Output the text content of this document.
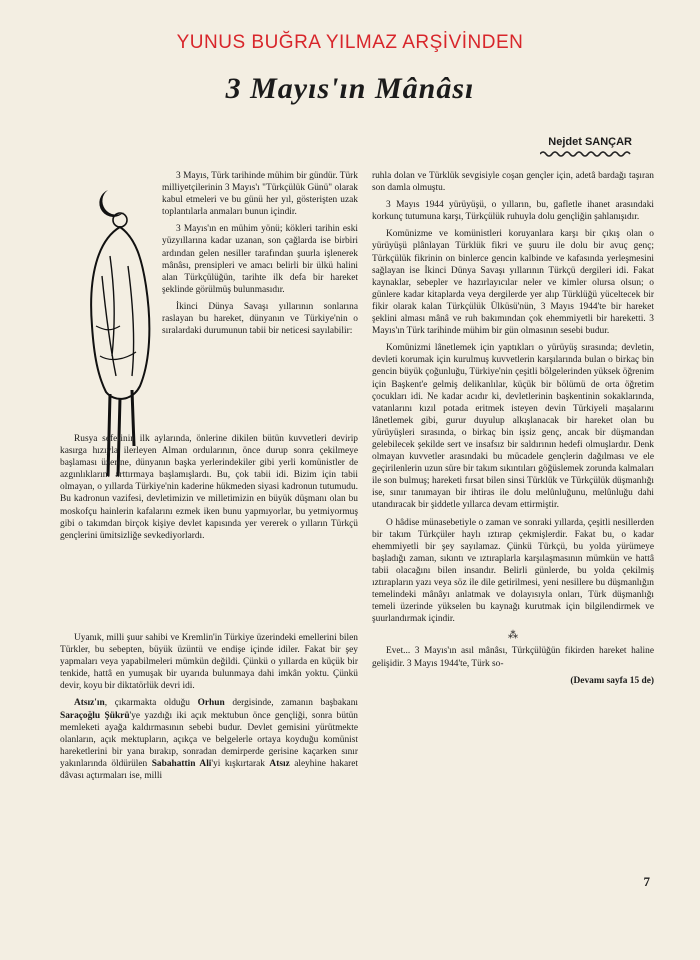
YUNUS BUĞRA YILMAZ ARŞİVİNDEN
3 Mayıs'ın Mânâsı
Nejdet SANÇAR

3 Mayıs, Türk tarihinde mühim bir gündür. Türk milliyetçilerinin 3 Mayıs'ı "Türkçülük Günü" olarak kabul etmeleri ve bu günü her yıl, gösterişten uzak toplantılarla anmaları bunun içindir.

3 Mayıs'ın en mühim yönü; kökleri tarihin eski yüzyıllarına kadar uzanan, son çağlarda ise birbiri ardından gelen nesiller tarafından şuurla işlenerek mânâsı, prensipleri ve amacı belirli bir ülkü halini alan Türkçülüğün, tarihte ilk defa bir hareket şeklinde görülmüş bulunmasıdır.

İkinci Dünya Savaşı yıllarının sonlarına raslayan bu hareket, dünyanın ve Türkiye'nin o sıralardaki durumunun tabii bir neticesi sayılabilir:

Rusya seferinin ilk aylarında, önlerine dikilen bütün kuvvetleri devirip kasırga hızıyla ilerleyen Alman ordularının, önce durup sonra çekilmeye başlaması üzerine, dünyanın başka yerlerindekiler gibi yerli komünistler de azgınlıklarını arttırmaya başlamışlardı. Bu, çok tabii idi. Bizim için tabii olmayan, o yıllarda Türkiye'nin kaderine hükmeden siyasi kadronun tutumudu. Bu kadronun vazifesi, devletimizin ve milletimizin en büyük düşmanı olan bu moskofçu hainlerin kafalarını ezmek iken bunu yapmıyorlar, bu yetmiyormuş gibi o takımdan birçok kişiye devlet kapısında yer vererek o yılların Türkçü gençlerini ümitsizliğe sevkediyorlardı.

Uyanık, milli şuur sahibi ve Kremlin'in Türkiye üzerindeki emellerini bilen Türkler, bu sebepten, büyük üzüntü ve endişe içinde idiler. Fakat bir şey yapmaları veya yapabilmeleri mümkün değildi. Çünkü o yıllarda en küçük bir tenkide, hattâ en yumuşak bir uyarıda bulunmaya dahi imkân yoktu. Çünkü devir, koyu bir diktatörlük devri idi.

Atsız'ın, çıkarmakta olduğu Orhun dergisinde, zamanın başbakanı Saraçoğlu Şükrü'ye yazdığı iki açık mektubun önce gençliği, sonra bütün memleketi ayağa kaldırmasının sebebi budur. Devlet gemisini yürütmekte olanların, açık mektupların, açıkça ve belgelerle ortaya koyduğu komünist hareketlerini bir yana bırakıp, sonradan demirperde gerisine kaçarken sınır yakınlarında öldürülen Sabahattin Ali'yi kışkırtarak Atsız aleyhine hakaret dâvası açtırmaları ise, milli

ruhla dolan ve Türklük sevgisiyle coşan gençler için, adetâ bardağı taşıran son damla olmuştu.

3 Mayıs 1944 yürüyüşü, o yılların, bu, gafletle ihanet arasındaki korkunç tutumuna karşı, Türkçülük ruhuyla dolu gençliğin şahlanışıdır.

Komünizme ve komünistleri koruyanlara karşı bir çıkış olan o yürüyüşü plânlayan Türklük fikri ve şuuru ile dolu bir avuç genç; Türkçülük fikrinin on binlerce gencin kalbinde ve kafasında yerleşmesini sağlayan ise İkinci Dünya Savaşı yıllarının Türkçü dergileri idi. Fakat kaynaklar, sebepler ve hazırlayıcılar neler ve kimler olursa olsun; o günlere kadar kitaplarda veya dergilerde yer alıp Türklüğü yüceltecek bir fikir olarak kalan Türkçülük Ülküsü'nün, 3 Mayıs 1944'te bir hareket şeklini alması mânâ ve ruh bakımından çok ehemmiyetli bir hareketti. 3 Mayıs'ın Türk tarihinde mühim bir gün olmasının sesebi budur.

Komünizmi lânetlemek için yaptıkları o yürüyüş sırasında; devletin, devleti korumak için kurulmuş kuvvetlerin karşılarında bulan o birkaç bin gencin büyük çoğunluğu, Türkiye'nin çeşitli bölgelerinden yüksek öğrenim için Başkent'e gelmiş delikanlılar, küçük bir bölümü de orta öğretim çocukları idi. Ne kadar acıdır ki, devletlerinin başkentinin sokaklarında, vatanlarını kızıl potada eritmek isteyen devin Türkiyeli maşalarını lânetlemek gibi, gurur duyulup alkışlanacak bir hareket olan bu yürüyüşleri sırasında, o birkaç bin işsiz genç, ancak bir düşmandan gelebilecek şekilde sert ve insafsız bir saldırının hedefi olmuşlardır. Denk olmayan kuvvetler arasındaki bu mücadele gençlerin dağılması ve ele geçirilenlerin uzun süre bir takım sıkıntıları göğüslemek zorunda kalmaları ile son bulmuş; hareketi fırsat bilen sinsi Türklük ve Türkçülük düşmanlığı ise, sınır tanımayan bir ihtiras ile dolu melûnluğunu, melûnluğu dahi utandıracak bir şiddetle yıllarca devam ettirmiştir.

O hâdise münasebetiyle o zaman ve sonraki yıllarda, çeşitli nesillerden bir takım Türkçüler haylı ıztırap çekmişlerdir. Fakat bu, o kadar ehemmiyetli bir şey sayılamaz. Çünkü Türkçü, bu yolda yürümeye başladığı zaman, sıkıntı ve ıztıraplarla karşılaşmasının mümkün ve hattâ tabii olacağını bilen insandır. Belirli günlerde, bu yolda çekilmiş ıztırapların yazı veya söz ile dile getirilmesi, yeni nesillere bu düşmanlığın temelindeki mânâyı anlatmak ve dolayısıyla onları, Türk düşmanlığı temeli üzerinde yükselen bu kaynağı kurutmak için bilgilendirmek ve şuurlandırmak içindir.

⁂

Evet... 3 Mayıs'ın asıl mânâsı, Türkçülüğün fikirden hareket haline gelişidir. 3 Mayıs 1944'te, Türk so-

(Devamı sayfa 15 de)
7
